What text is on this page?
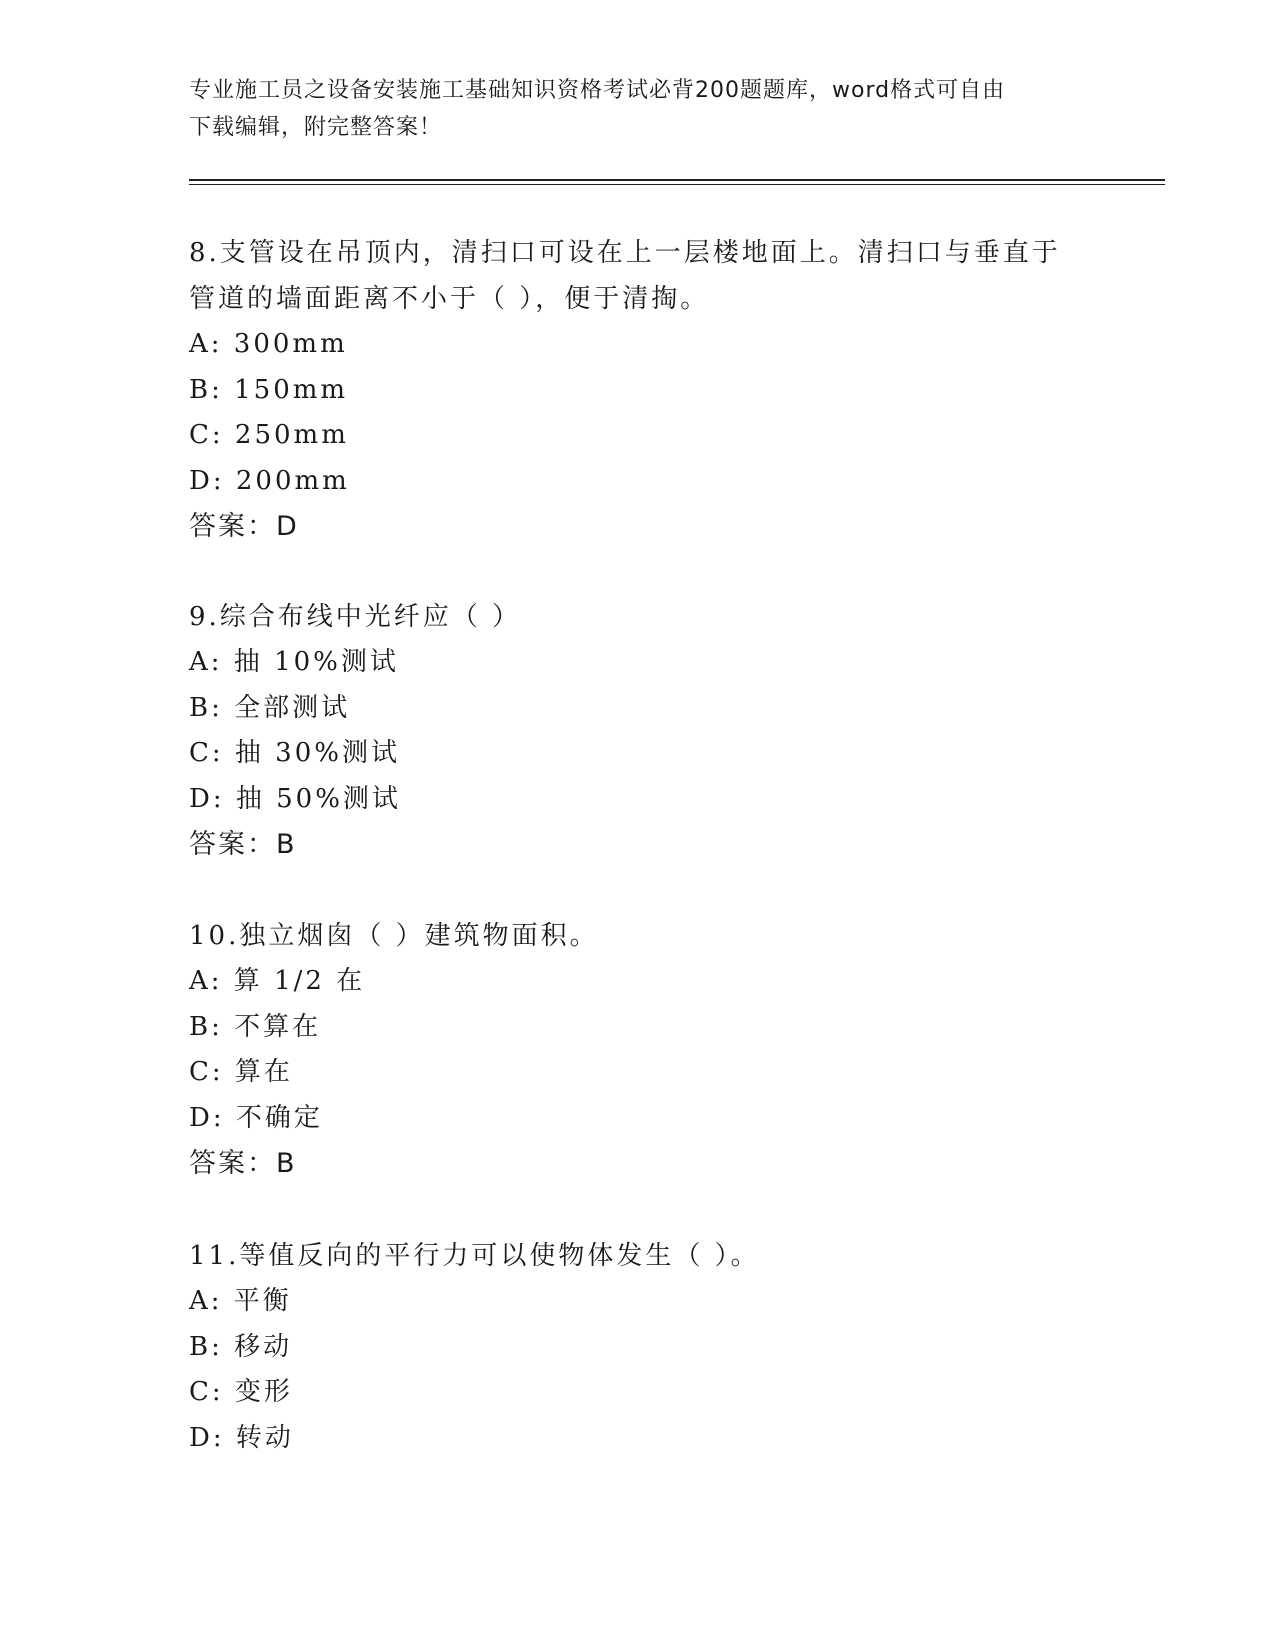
专业施工员之设备安装施工基础知识资格考试必背200题题库，word格式可自由
下载编辑，附完整答案！

8.支管设在吊顶内，清扫口可设在上一层楼地面上。清扫口与垂直于

管道的墙面距离不小于（ ），便于清掏。

A: 300mm

B: 150mm

C: 250mm

D: 200mm

答案：D

9.综合布线中光纤应（ ）

A: 抽 10%测试

B: 全部测试

C: 抽 30%测试

D: 抽 50%测试

答案：B

10.独立烟囱（ ）建筑物面积。

A: 算 1/2 在

B: 不算在

C: 算在

D: 不确定

答案：B

11.等值反向的平行力可以使物体发生（ ）。

A: 平衡

B: 移动

C: 变形

D: 转动
